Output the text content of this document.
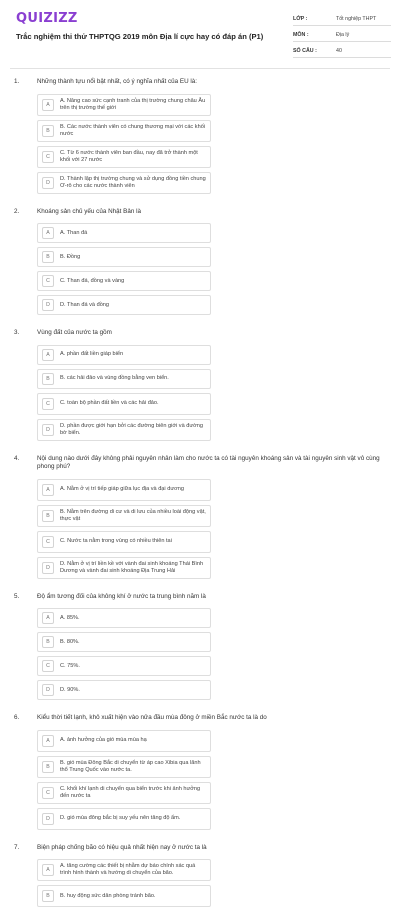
QUIZIZZ
Trắc nghiệm thi thử THPTQG 2019 môn Địa lí cực hay có đáp án (P1)
LỚP :	Tốt nghiệp THPT
MÔN :	Địa lý
SỐ CÂU :	40
1.	Những thành tựu nổi bật nhất, có ý nghĩa nhất của EU là:
A
A. Nâng cao sức cạnh tranh của thị trường chung châu Âu trên thị trường thế giới
B
B. Các nước thành viên có chung thương mại với các khối nước
C
C. Từ 6 nước thành viên ban đầu, nay đã trở thành một khối với 27 nước
D
D. Thành lập thị trường chung và sử dụng đồng tiền chung Ơ-rô cho các nước thành viên
2.	Khoáng sản chủ yếu của Nhật Bản là
A	A. Than đá
B	B. Đồng
C	C. Than đá, đồng và vàng
D	D. Than đá và đồng
3.	Vùng đất của nước ta gồm
A	A. phần đất liền giáp biển
B	B. các hải đảo và vùng đồng bằng ven biển.
C	C. toàn bộ phần đất liền và các hải đảo.
D
D. phần được giới hạn bởi các đường biên giới và đường bờ biển.
4.	Nội dung nào dưới đây không phải nguyên nhân làm cho nước ta có tài nguyên khoáng sản và tài nguyên sinh vật vô cùng phong phú?
A	A. Nằm ở vị trí tiếp giáp giữa lục địa và đại dương
B
B. Nằm trên đường di cư và di lưu của nhiều loài động vật, thực vật
C	C. Nước ta nằm trong vùng có nhiều thiên tai
D
D. Nằm ở vị trí liền kề với vành đai sinh khoáng Thái Bình Dương và vành đai sinh khoáng Địa Trung Hải
5.	Độ ẩm tương đối của không khí ở nước ta trung bình năm là
A	A. 85%.
B	B. 80%.
C	C. 75%.
D	D. 90%.
6.	Kiểu thời tiết lạnh, khô xuất hiện vào nửa đầu mùa đông ở miền Bắc nước ta là do
A	A. ảnh hưởng của gió mùa mùa hạ
B
B. gió mùa Đông Bắc di chuyển từ áp cao Xibia qua lãnh thổ Trung Quốc vào nước ta.
C
C. khối khí lạnh di chuyển qua biển trước khi ảnh hưởng đến nước ta
D	D. gió mùa đông bắc bị suy yếu nên tăng độ ẩm.
7.	Biện pháp chống bão có hiệu quả nhất hiện nay ở nước ta là
A
A. tăng cường các thiết bị nhằm dự báo chính xác quá trình hình thành và hướng di chuyển của bão.
B	B. huy động sức dân phòng tránh bão.
